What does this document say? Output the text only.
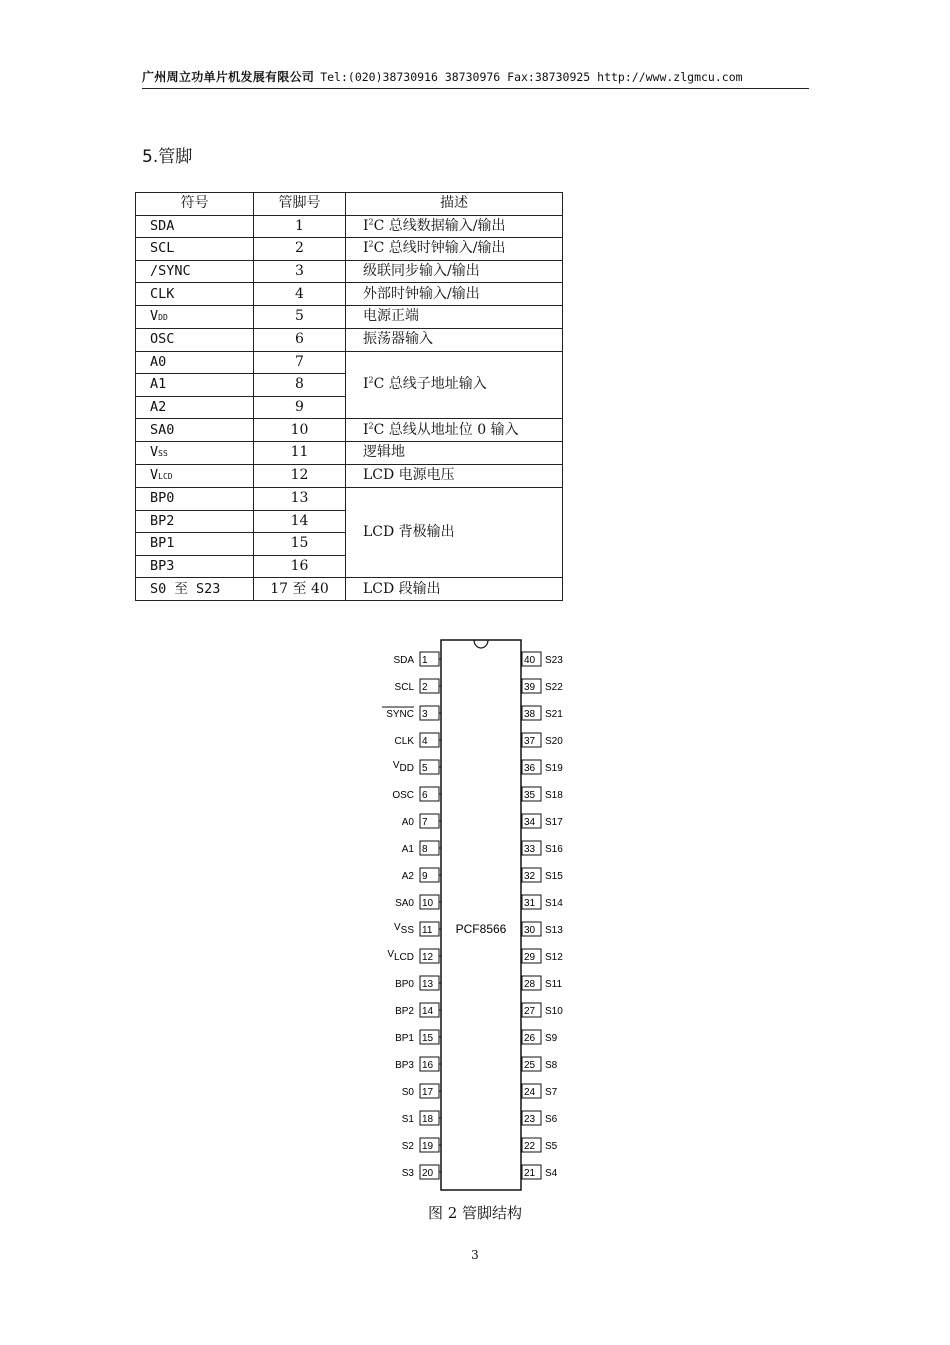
广州周立功单片机发展有限公司 Tel:(020)38730916 38730976 Fax:38730925 http://www.zlgmcu.com
5.管脚
符号	管脚号	描述
SDA	1	$I^2C$ 总线数据输入/输出
SCL	2	$I^2C$ 总线时钟输入/输出
/SYNC	3	级联同步输入/输出
CLK	4	外部时钟输入/输出
VDD	5	电源正端
OSC	6	振荡器输入
A0	7	$I^2C$ 总线子地址输入
A1	8	
A2	9	
SA0	10	$I^2C$ 总线从地址位 0 输入
VSS	11	逻辑地
VLCD	12	LCD 电源电压
BP0	13	LCD 背极输出
BP2	14	
BP1	15	
BP3	16	
S0 至 S23	17 至 40	LCD 段输出
PCF8566
1
SDA
2
SCL
3
SYNC
4
CLK
5
VDD
6
OSC
7
A0
8
A1
9
A2
10
SA0
11
VSS
12
VLCD
13
BP0
14
BP2
15
BP1
16
BP3
17
S0
18
S1
19
S2
20
S3
40 S23
39 S22
38 S21
37 S20
36 S19
35 S18
34 S17
33 S16
32 S15
31 S14
30 S13
29 S12
28 S11
27 S10
26 S9
25 S8
24 S7
23 S6
22 S5
21 S4
图 2 管脚结构
3
